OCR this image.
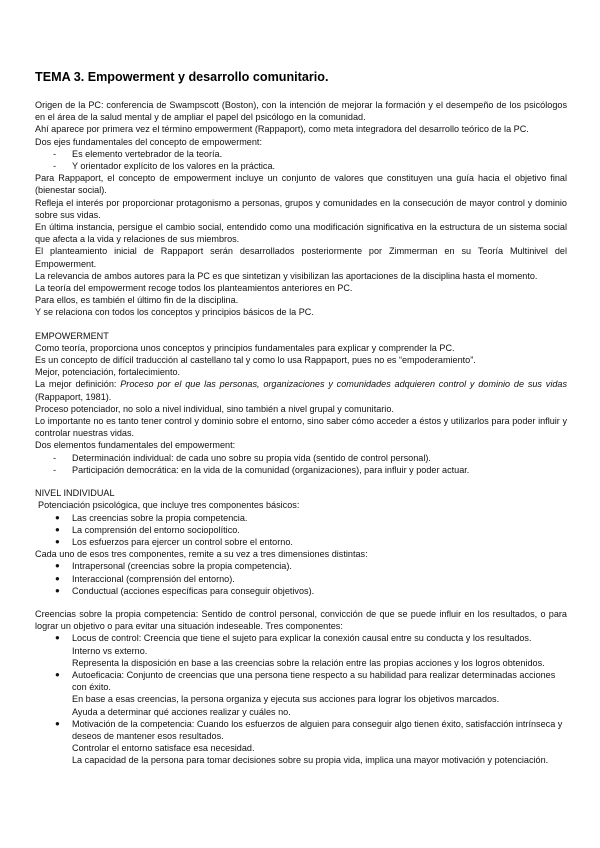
TEMA 3. Empowerment y desarrollo comunitario.

Origen de la PC: conferencia de Swampscott (Boston), con la intención de mejorar la formación y el desempeño de los psicólogos en el área de la salud mental y de ampliar el papel del psicólogo en la comunidad.

Ahí aparece por primera vez el término empowerment (Rappaport), como meta integradora del desarrollo teórico de la PC.

Dos ejes fundamentales del concepto de empowerment:

- Es elemento vertebrador de la teoría.
- Y orientador explícito de los valores en la práctica.

Para Rappaport, el concepto de empowerment incluye un conjunto de valores que constituyen una guía hacia el objetivo final (bienestar social).

Refleja el interés por proporcionar protagonismo a personas, grupos y comunidades en la consecución de mayor control y dominio sobre sus vidas.

En última instancia, persigue el cambio social, entendido como una modificación significativa en la estructura de un sistema social que afecta a la vida y relaciones de sus miembros.

El planteamiento inicial de Rappaport serán desarrollados posteriormente por Zimmerman en su Teoría Multinivel del Empowerment.

La relevancia de ambos autores para la PC es que sintetizan y visibilizan las aportaciones de la disciplina hasta el momento.

La teoría del empowerment recoge todos los planteamientos anteriores en PC.

Para ellos, es también el último fin de la disciplina.

Y se relaciona con todos los conceptos y principios básicos de la PC.

EMPOWERMENT

Como teoría, proporciona unos conceptos y principios fundamentales para explicar y comprender la PC.

Es un concepto de difícil traducción al castellano tal y como lo usa Rappaport, pues no es “empoderamiento”.

Mejor, potenciación, fortalecimiento.

La mejor definición: Proceso por el que las personas, organizaciones y comunidades adquieren control y dominio de sus vidas (Rappaport, 1981).

Proceso potenciador, no solo a nivel individual, sino también a nivel grupal y comunitario.

Lo importante no es tanto tener control y dominio sobre el entorno, sino saber cómo acceder a éstos y utilizarlos para poder influir y controlar nuestras vidas.

Dos elementos fundamentales del empowerment:

- Determinación individual: de cada uno sobre su propia vida (sentido de control personal).
- Participación democrática: en la vida de la comunidad (organizaciones), para influir y poder actuar.

NIVEL INDIVIDUAL

Potenciación psicológica, que incluye tres componentes básicos:

● Las creencias sobre la propia competencia.
● La comprensión del entorno sociopolítico.
● Los esfuerzos para ejercer un control sobre el entorno.

Cada uno de esos tres componentes, remite a su vez a tres dimensiones distintas:

● Intrapersonal (creencias sobre la propia competencia).
● Interaccional (comprensión del entorno).
● Conductual (acciones específicas para conseguir objetivos).

Creencias sobre la propia competencia: Sentido de control personal, convicción de que se puede influir en los resultados, o para lograr un objetivo o para evitar una situación indeseable. Tres componentes:

● Locus de control: Creencia que tiene el sujeto para explicar la conexión causal entre su conducta y los resultados.
Interno vs externo.
Representa la disposición en base a las creencias sobre la relación entre las propias acciones y los logros obtenidos.
● Autoeficacia: Conjunto de creencias que una persona tiene respecto a su habilidad para realizar determinadas acciones con éxito.
En base a esas creencias, la persona organiza y ejecuta sus acciones para lograr los objetivos marcados.
Ayuda a determinar qué acciones realizar y cuáles no.
● Motivación de la competencia: Cuando los esfuerzos de alguien para conseguir algo tienen éxito, satisfacción intrínseca y deseos de mantener esos resultados.
Controlar el entorno satisface esa necesidad.
La capacidad de la persona para tomar decisiones sobre su propia vida, implica una mayor motivación y potenciación.
